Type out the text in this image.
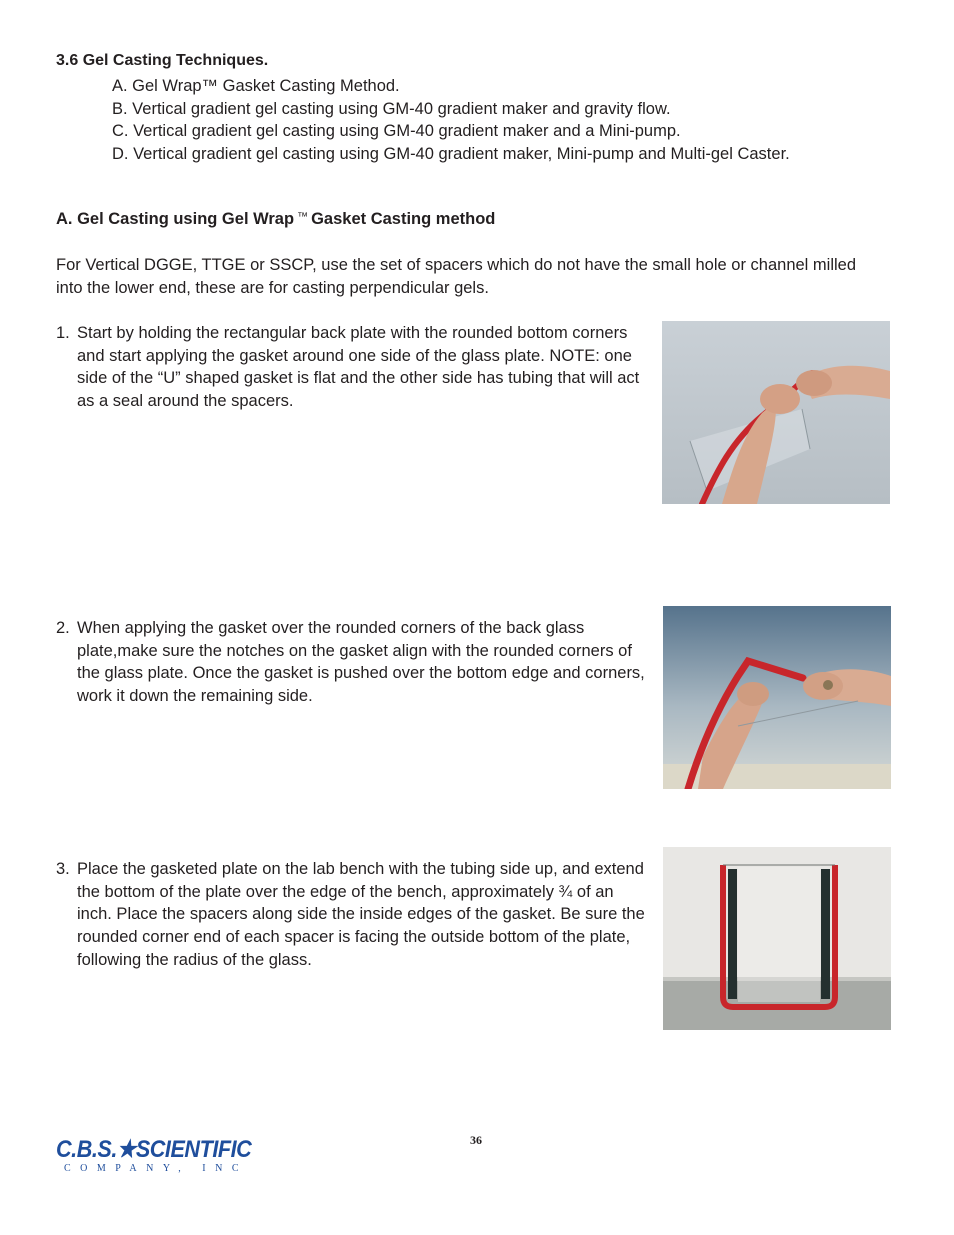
3.6 Gel Casting Techniques.
A. Gel Wrap™ Gasket Casting Method.
B. Vertical gradient gel casting using GM-40 gradient maker and gravity flow.
C. Vertical gradient gel casting using GM-40 gradient maker and a Mini-pump.
D. Vertical gradient gel casting using GM-40 gradient maker, Mini-pump and Multi-gel Caster.
A. Gel Casting using Gel Wrap ™ Gasket Casting method
For Vertical DGGE, TTGE or SSCP, use the set of spacers which do not have the small hole or channel milled into the lower end, these are for casting perpendicular gels.
1. Start by holding the rectangular back plate with the rounded bottom corners and start applying the gasket around one side of the glass plate. NOTE: one side of the “U” shaped gasket is flat and the other side has tubing that will act as a seal around the spacers.
2. When applying the gasket over the rounded corners of the back glass plate,make sure the notches on the gasket align with the rounded corners of the glass plate. Once the gasket is pushed over the bottom edge and corners, work it down the remaining side.
3. Place the gasketed plate on the lab bench with the tubing side up, and extend the bottom of the plate over the edge of the bench, approximately ¾ of an inch. Place the spacers along side the inside edges of the gasket. Be sure the rounded corner end of each spacer is facing the outside bottom of the plate, following the radius of the glass.
36
C.B.S.★SCIENTIFIC
COMPANY, INC
